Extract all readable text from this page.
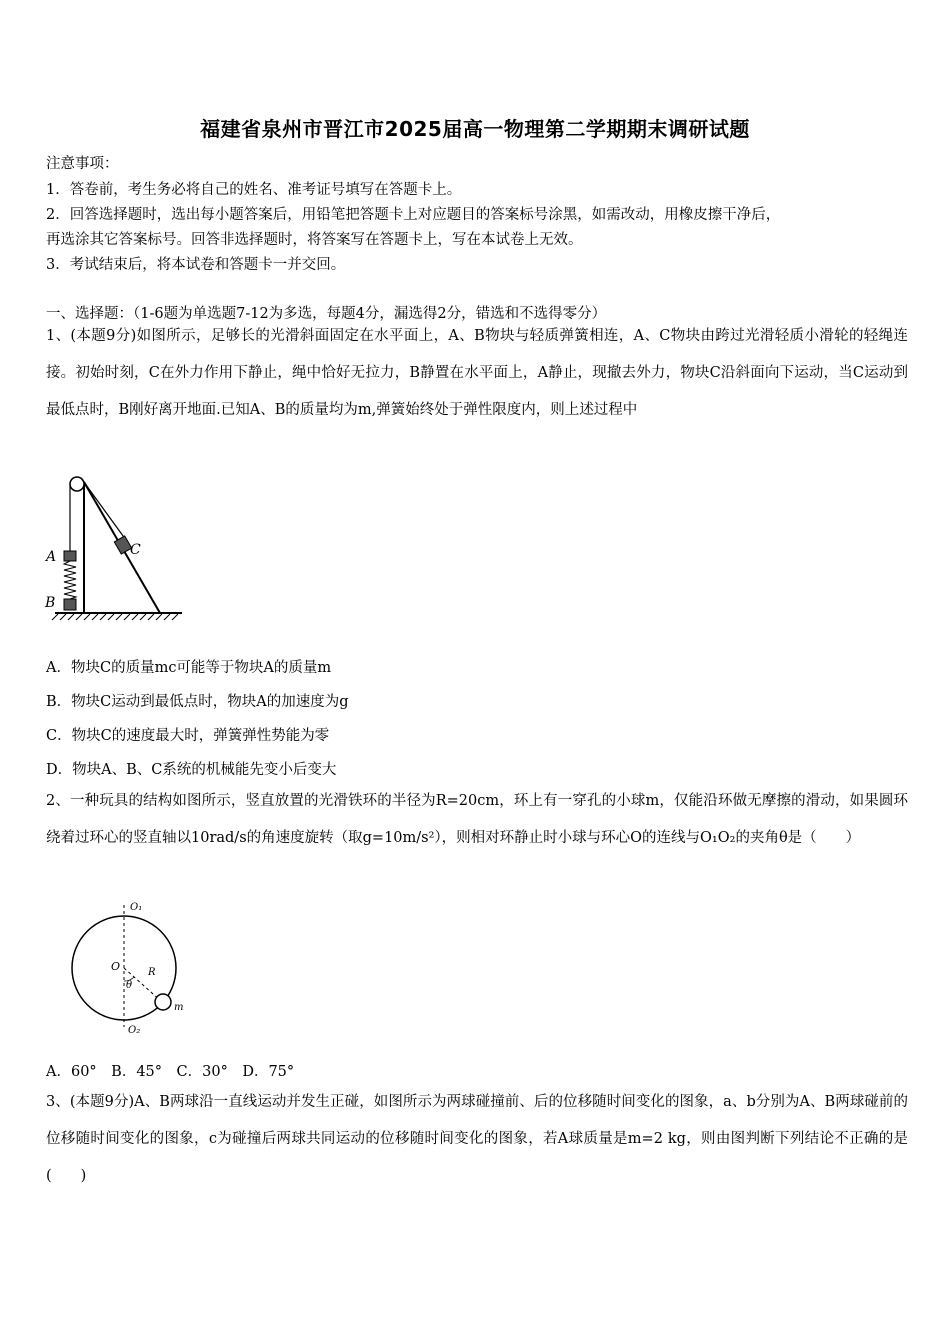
福建省泉州市晋江市2025届高一物理第二学期期末调研试题
注意事项：
1．答卷前，考生务必将自己的姓名、准考证号填写在答题卡上。
2．回答选择题时，选出每小题答案后，用铅笔把答题卡上对应题目的答案标号涂黑，如需改动，用橡皮擦干净后，
再选涂其它答案标号。回答非选择题时，将答案写在答题卡上，写在本试卷上无效。
3．考试结束后，将本试卷和答题卡一并交回。
一、选择题：（1-6题为单选题7-12为多选，每题4分，漏选得2分，错选和不选得零分）
1、(本题9分)如图所示，足够长的光滑斜面固定在水平面上，A、B物块与轻质弹簧相连，A、C物块由跨过光滑轻质小滑轮的轻绳连接。初始时刻，C在外力作用下静止，绳中恰好无拉力，B静置在水平面上，A静止，现撤去外力，物块C沿斜面向下运动，当C运动到最低点时，B刚好离开地面.已知A、B的质量均为m,弹簧始终处于弹性限度内，则上述过程中
A
B
C
A．物块C的质量mc可能等于物块A的质量m
B．物块C运动到最低点时，物块A的加速度为g
C．物块C的速度最大时，弹簧弹性势能为零
D．物块A、B、C系统的机械能先变小后变大
2、一种玩具的结构如图所示，竖直放置的光滑铁环的半径为R=20cm，环上有一穿孔的小球m，仅能沿环做无摩擦的滑动，如果圆环绕着过环心的竖直轴以10rad/s的角速度旋转（取g=10m/s²），则相对环静止时小球与环心O的连线与O₁O₂的夹角θ是（　　）
O₁
O
O₂
R
θ
m
A．60°　B．45°　C．30°　D．75°
3、(本题9分)A、B两球沿一直线运动并发生正碰，如图所示为两球碰撞前、后的位移随时间变化的图象，a、b分别为A、B两球碰前的位移随时间变化的图象，c为碰撞后两球共同运动的位移随时间变化的图象，若A球质量是m=2 kg，则由图判断下列结论不正确的是(　　)
